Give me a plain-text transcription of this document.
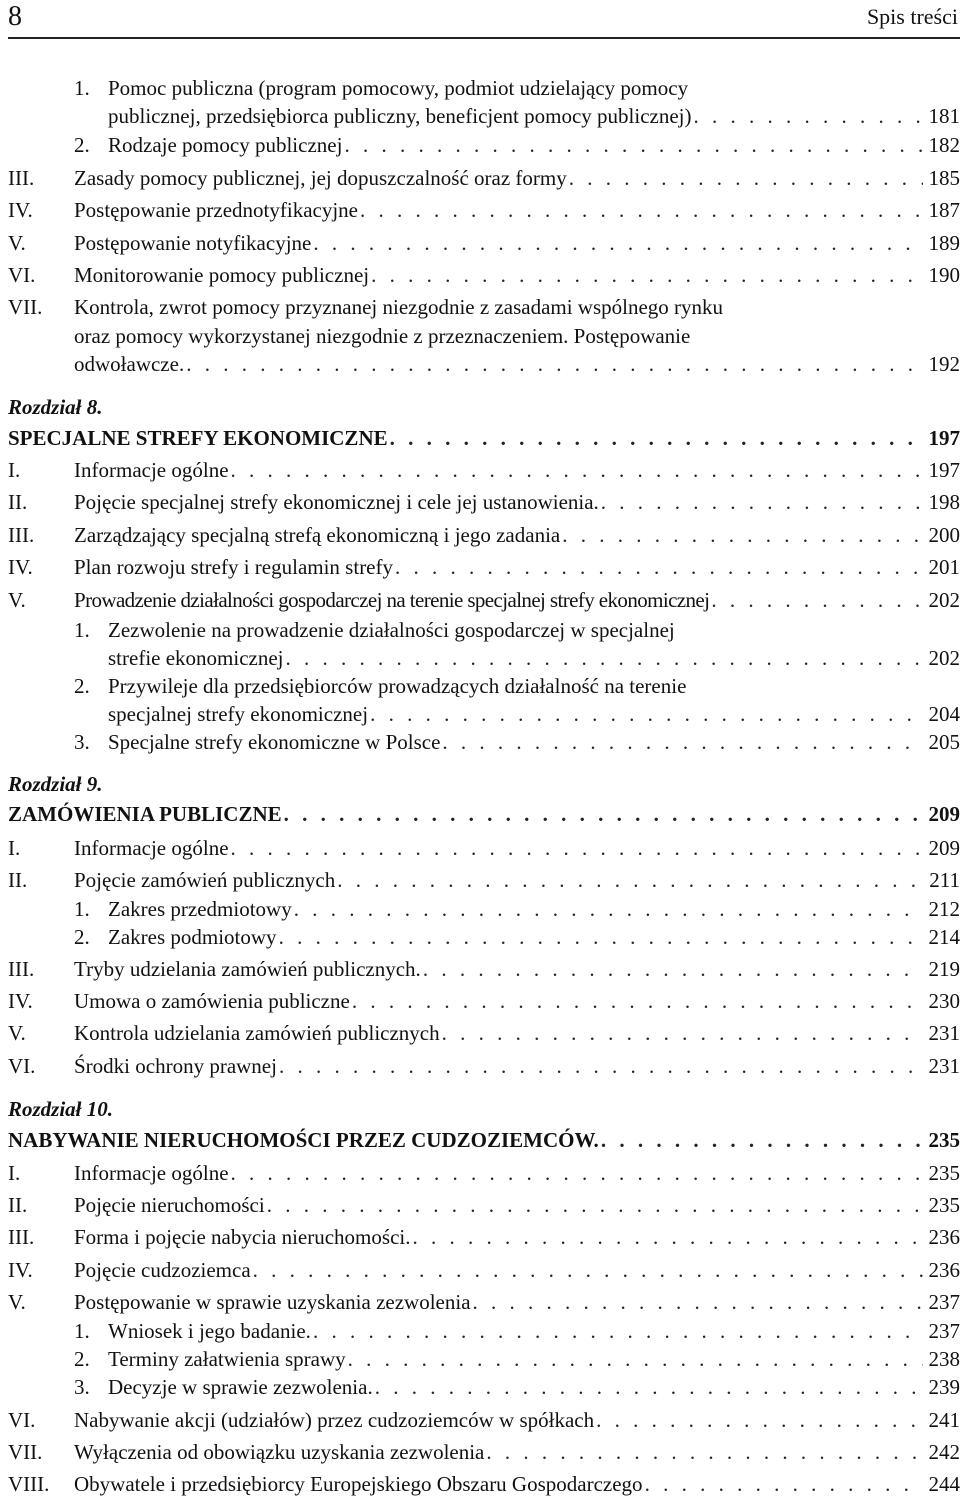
8	Spis treści
1. Pomoc publiczna (program pomocowy, podmiot udzielający pomocy
publicznej, przedsiębiorca publiczny, beneficjent pomocy publicznej) . . .	181
2. Rodzaje pomocy publicznej . . .	182
III. Zasady pomocy publicznej, jej dopuszczalność oraz formy . . .	185
IV. Postępowanie przednotyfikacyjne . . .	187
V. Postępowanie notyfikacyjne . . .	189
VI. Monitorowanie pomocy publicznej . . .	190
VII. Kontrola, zwrot pomocy przyznanej niezgodnie z zasadami wspólnego rynku
oraz pomocy wykorzystanej niezgodnie z przeznaczeniem. Postępowanie
odwoławcze. . . .	192
Rozdział 8.
SPECJALNE STREFY EKONOMICZNE . . .	197
I.	Informacje ogólne . . .	197
II. Pojęcie specjalnej strefy ekonomicznej i cele jej ustanowienia. . . .	198
III. Zarządzający specjalną strefą ekonomiczną i jego zadania . . .	200
IV. Plan rozwoju strefy i regulamin strefy . . .	201
V. Prowadzenie działalności gospodarczej na terenie specjalnej strefy ekonomicznej . . .	202
1. Zezwolenie na prowadzenie działalności gospodarczej w specjalnej
strefie ekonomicznej . . .	202
2. Przywileje dla przedsiębiorców prowadzących działalność na terenie
specjalnej strefy ekonomicznej . . .	204
3. Specjalne strefy ekonomiczne w Polsce . . .	205
Rozdział 9.
ZAMÓWIENIA PUBLICZNE . . .	209
I.	Informacje ogólne . . .	209
II. Pojęcie zamówień publicznych . . .	211
1. Zakres przedmiotowy . . .	212
2. Zakres podmiotowy . . .	214
III. Tryby udzielania zamówień publicznych. . . .	219
IV. Umowa o zamówienia publiczne . . .	230
V. Kontrola udzielania zamówień publicznych . . .	231
VI. Środki ochrony prawnej . . .	231
Rozdział 10.
NABYWANIE NIERUCHOMOŚCI PRZEZ CUDZOZIEMCÓW. . . .	235
I.	Informacje ogólne . . .	235
II. Pojęcie nieruchomości . . .	235
III. Forma i pojęcie nabycia nieruchomości. . . .	236
IV. Pojęcie cudzoziemca . . .	236
V. Postępowanie w sprawie uzyskania zezwolenia . . .	237
1. Wniosek i jego badanie. . . .	237
2. Terminy załatwienia sprawy . . .	238
3. Decyzje w sprawie zezwolenia. . . .	239
VI. Nabywanie akcji (udziałów) przez cudzoziemców w spółkach . . .	241
VII. Wyłączenia od obowiązku uzyskania zezwolenia . . .	242
VIII. Obywatele i przedsiębiorcy Europejskiego Obszaru Gospodarczego . . .	244
